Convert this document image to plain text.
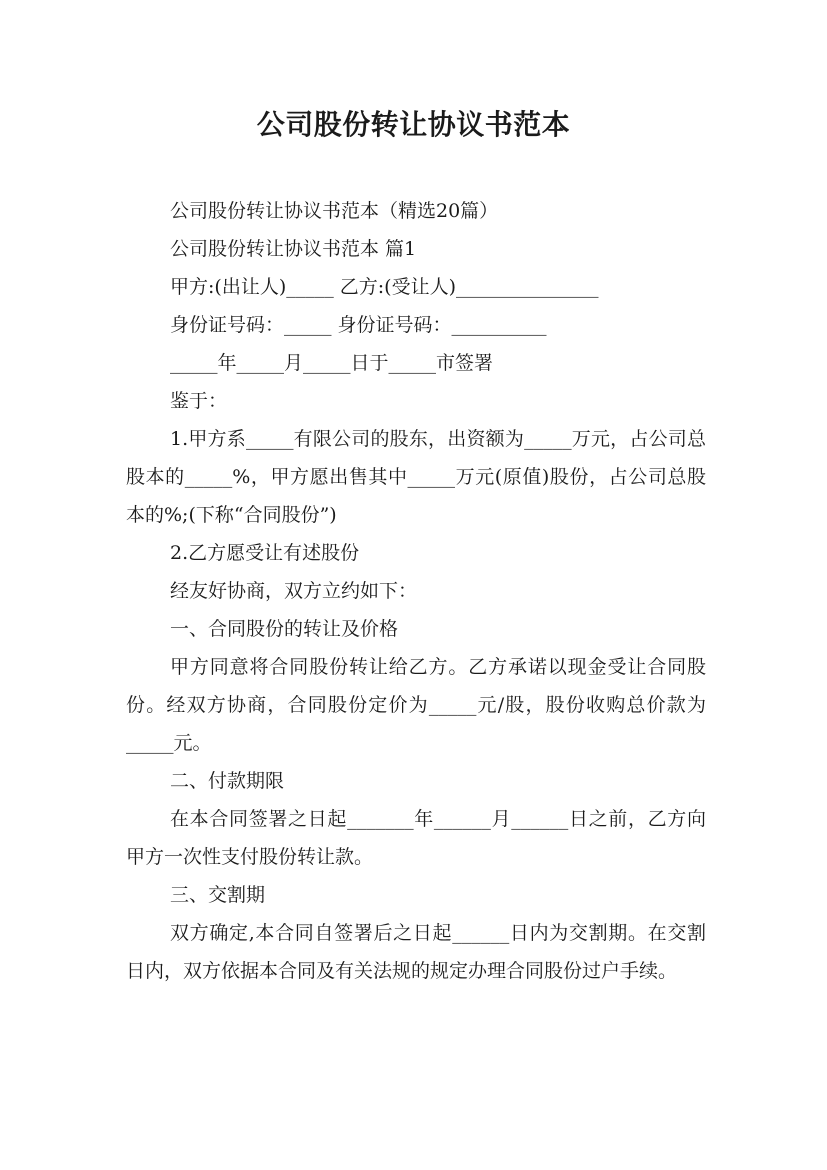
公司股份转让协议书范本

公司股份转让协议书范本（精选20篇）

公司股份转让协议书范本 篇1

甲方:(出让人)_____ 乙方:(受让人)_______________

身份证号码：_____ 身份证号码：__________

_____年_____月_____日于_____市签署

鉴于：

1.甲方系_____有限公司的股东，出资额为_____万元，占公司总股本的_____%，甲方愿出售其中_____万元(原值)股份，占公司总股本的%;(下称“合同股份”)

2.乙方愿受让有述股份

经友好协商，双方立约如下：

一、合同股份的转让及价格

甲方同意将合同股份转让给乙方。乙方承诺以现金受让合同股份。经双方协商，合同股份定价为_____元/股，股份收购总价款为_____元。

二、付款期限

在本合同签署之日起_______年______月______日之前，乙方向甲方一次性支付股份转让款。

三、交割期

双方确定,本合同自签署后之日起______日内为交割期。在交割日内，双方依据本合同及有关法规的规定办理合同股份过户手续。
